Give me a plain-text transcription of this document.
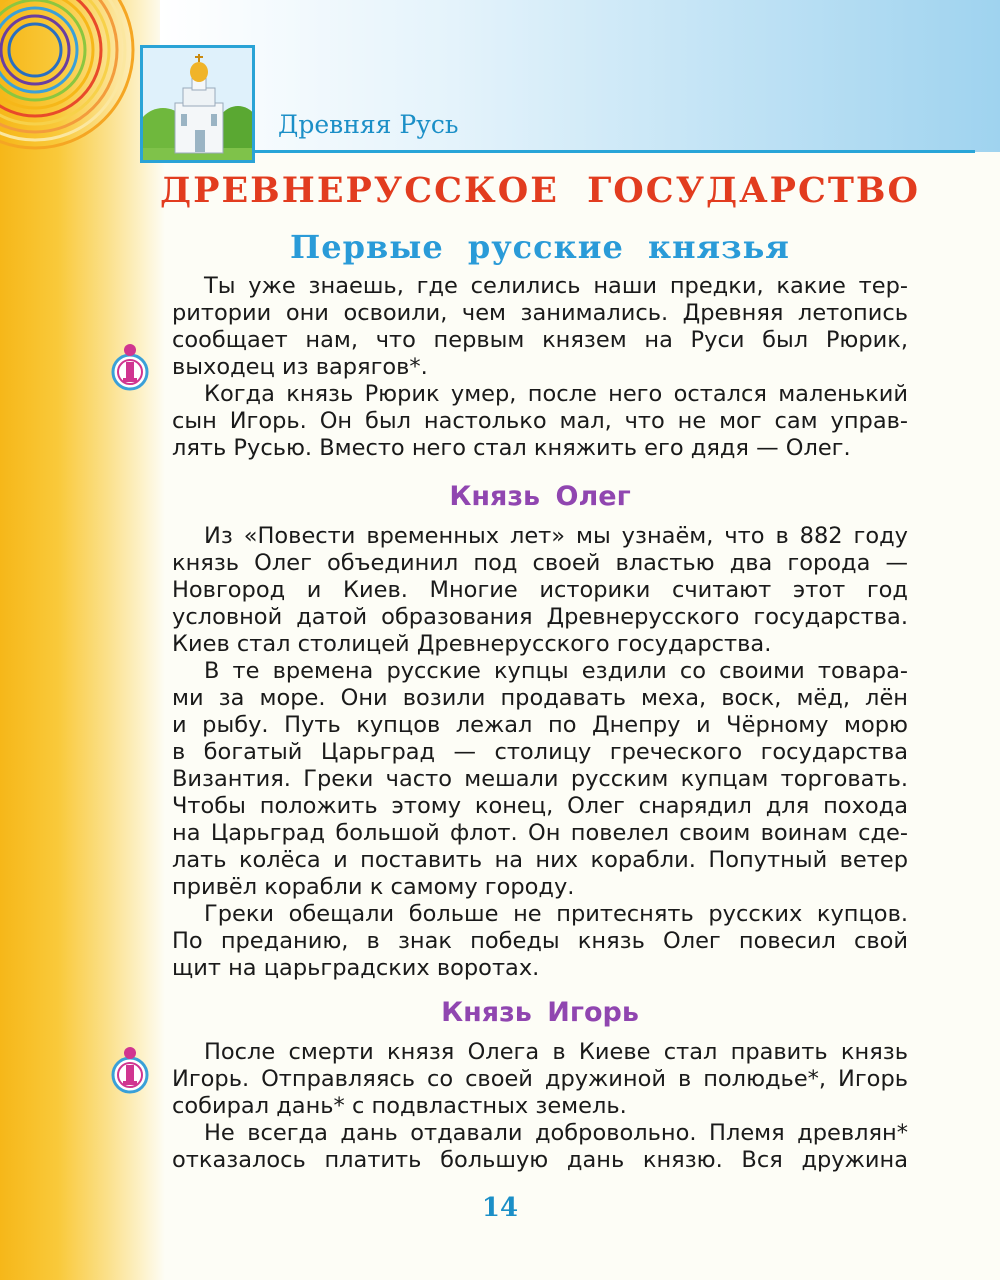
Древняя Русь
ДРЕВНЕРУССКОЕ ГОСУДАРСТВО
Первые русские князья
Ты уже знаешь, где селились наши предки, какие тер-
ритории они освоили, чем занимались. Древняя летопись
сообщает нам, что первым князем на Руси был Рюрик,
выходец из варягов*.
Когда князь Рюрик умер, после него остался маленький
сын Игорь. Он был настолько мал, что не мог сам управ-
лять Русью. Вместо него стал княжить его дядя — Олег.
Князь Олег
Из «Повести временных лет» мы узнаём, что в 882 году
князь Олег объединил под своей властью два города —
Новгород и Киев. Многие историки считают этот год
условной датой образования Древнерусского государства.
Киев стал столицей Древнерусского государства.
В те времена русские купцы ездили со своими товара-
ми за море. Они возили продавать меха, воск, мёд, лён
и рыбу. Путь купцов лежал по Днепру и Чёрному морю
в богатый Царьград — столицу греческого государства
Византия. Греки часто мешали русским купцам торговать.
Чтобы положить этому конец, Олег снарядил для похода
на Царьград большой флот. Он повелел своим воинам сде-
лать колёса и поставить на них корабли. Попутный ветер
привёл корабли к самому городу.
Греки обещали больше не притеснять русских купцов.
По преданию, в знак победы князь Олег повесил свой
щит на царьградских воротах.
Князь Игорь
После смерти князя Олега в Киеве стал править князь
Игорь. Отправляясь со своей дружиной в полюдье*, Игорь
собирал дань* с подвластных земель.
Не всегда дань отдавали добровольно. Племя древлян*
отказалось платить большую дань князю. Вся дружина
14
